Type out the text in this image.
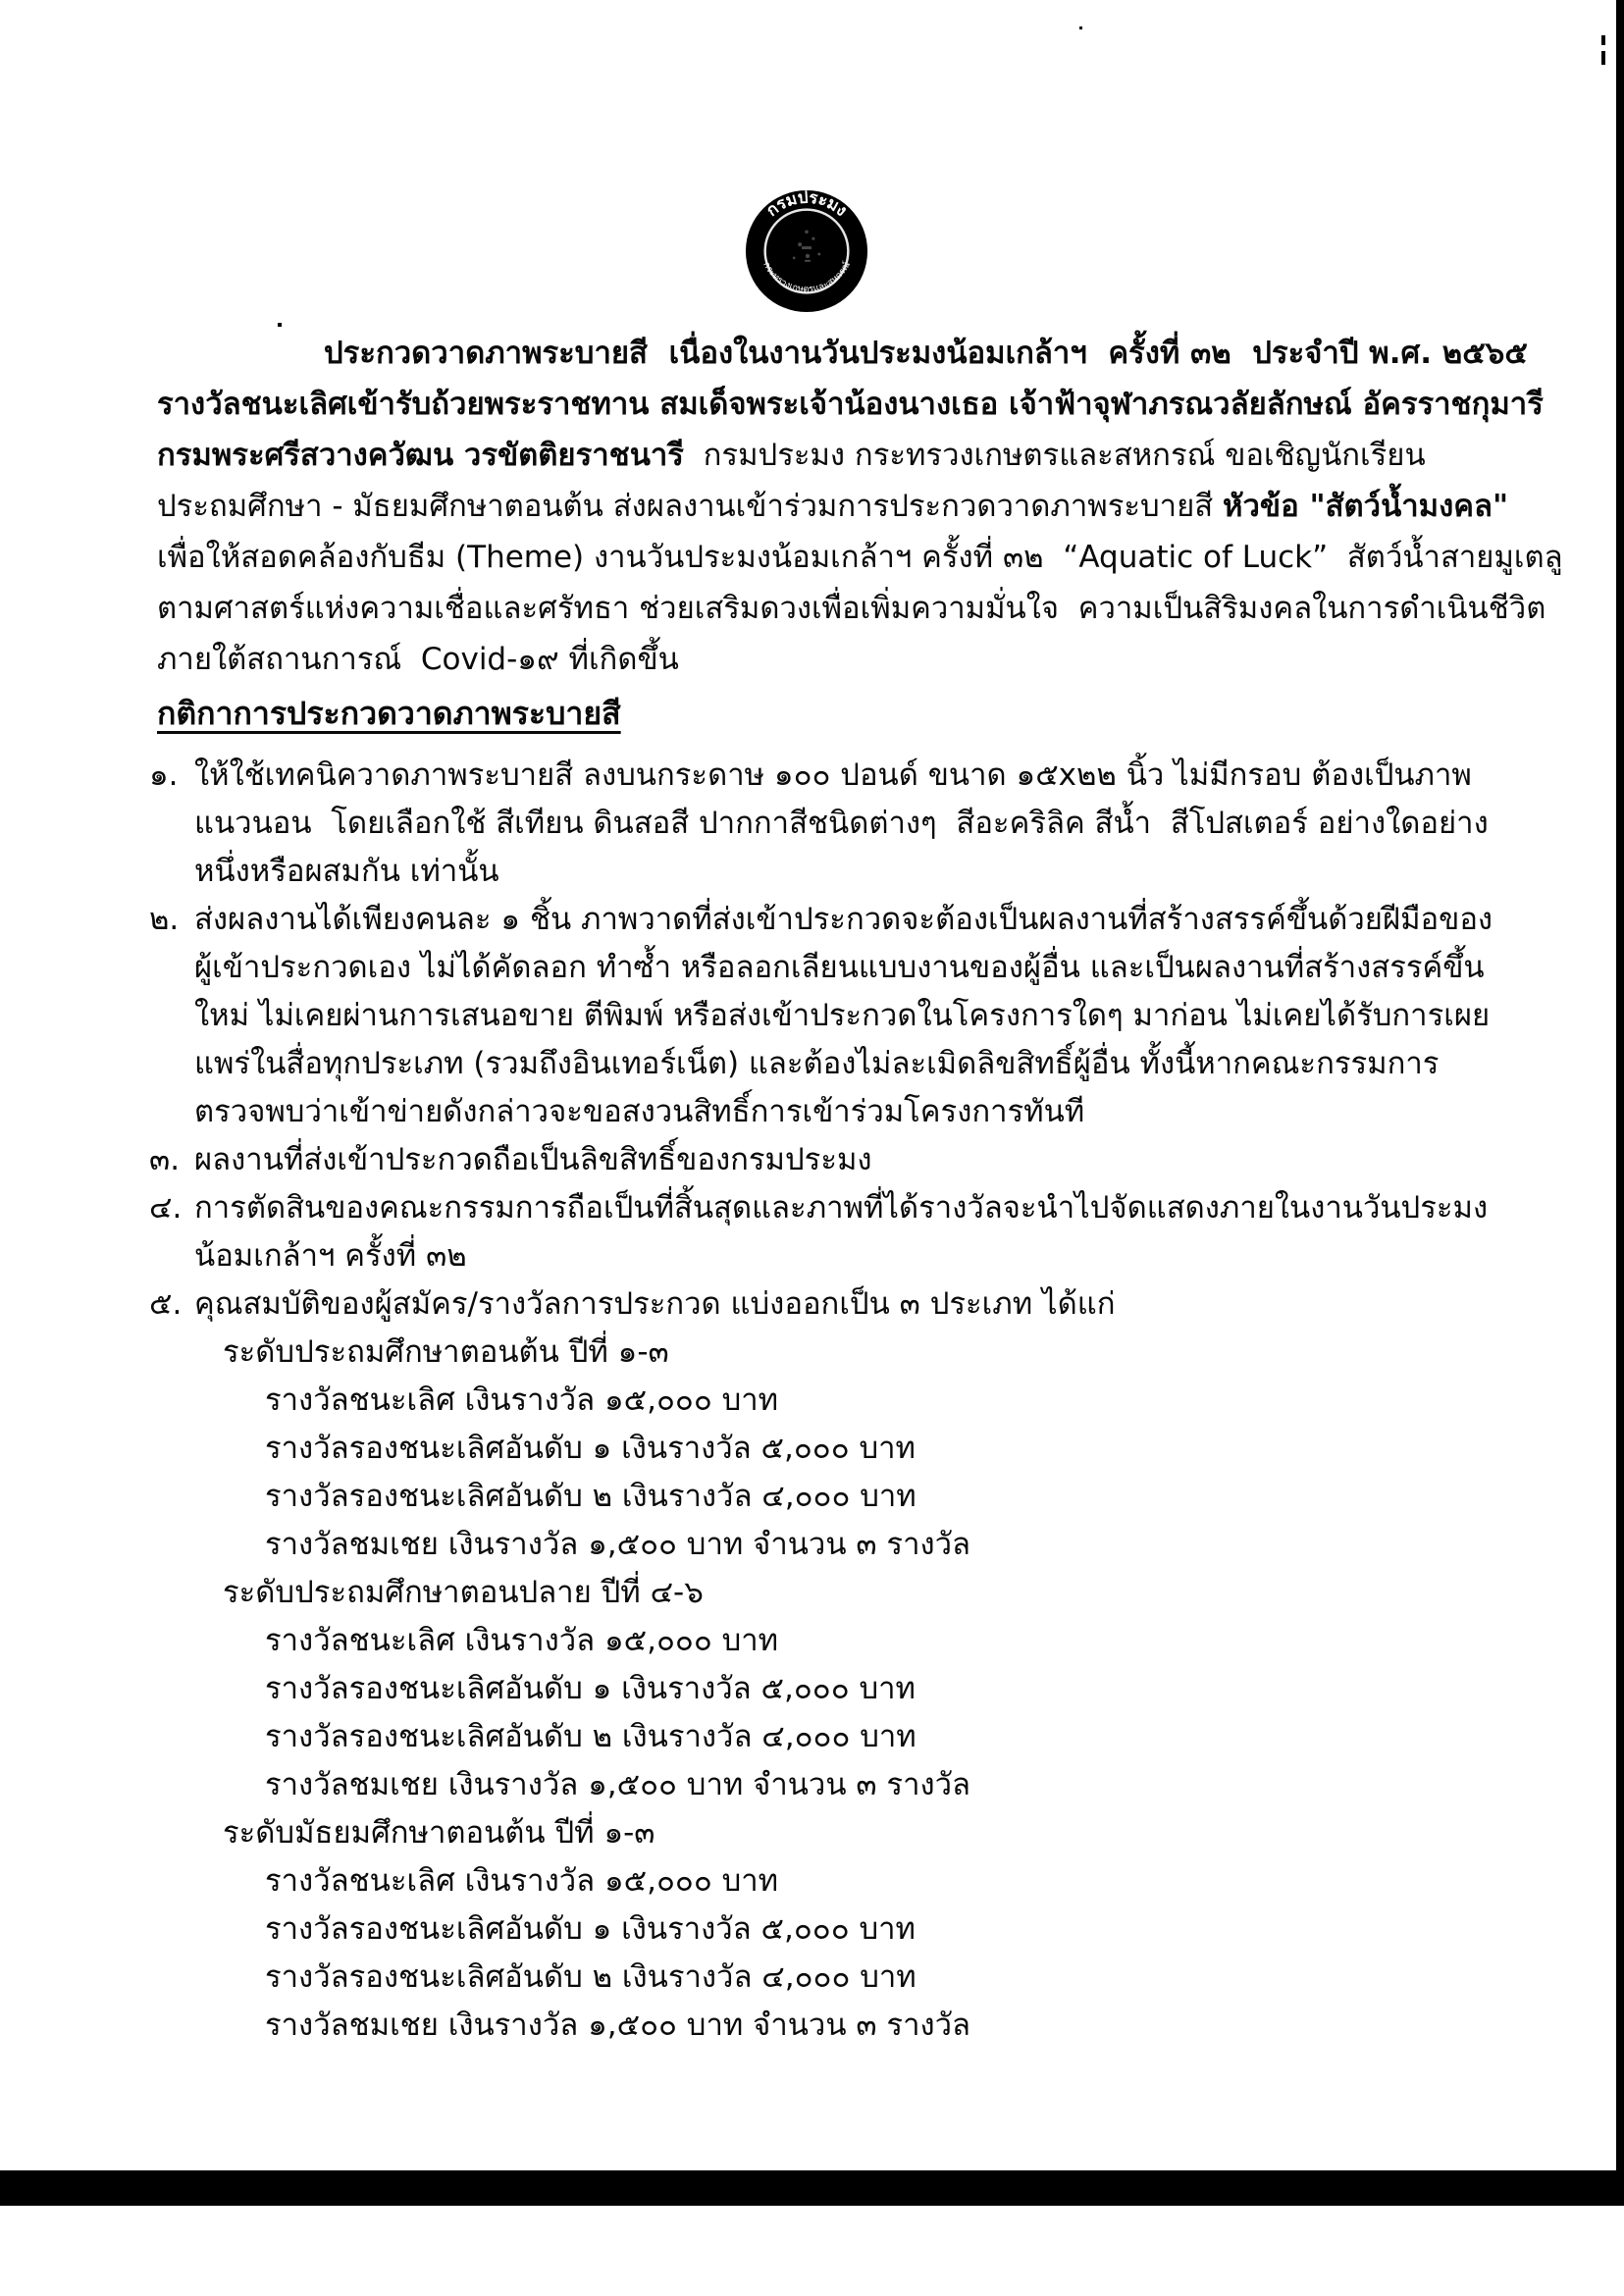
กรมประมง
กระทรวงเกษตรและสหกรณ์
ประกวดวาดภาพระบายสี  เนื่องในงานวันประมงน้อมเกล้าฯ  ครั้งที่ ๓๒  ประจำปี พ.ศ. ๒๕๖๕
รางวัลชนะเลิศเข้ารับถ้วยพระราชทาน สมเด็จพระเจ้าน้องนางเธอ เจ้าฟ้าจุฬาภรณวลัยลักษณ์ อัครราชกุมารี
กรมพระศรีสวางควัฒน วรขัตติยราชนารี  กรมประมง กระทรวงเกษตรและสหกรณ์ ขอเชิญนักเรียน
ประถมศึกษา - มัธยมศึกษาตอนต้น ส่งผลงานเข้าร่วมการประกวดวาดภาพระบายสี หัวข้อ "สัตว์น้ำมงคล"
เพื่อให้สอดคล้องกับธีม (Theme) งานวันประมงน้อมเกล้าฯ ครั้งที่ ๓๒  “Aquatic of Luck”  สัตว์น้ำสายมูเตลู
ตามศาสตร์แห่งความเชื่อและศรัทธา ช่วยเสริมดวงเพื่อเพิ่มความมั่นใจ  ความเป็นสิริมงคลในการดำเนินชีวิต
ภายใต้สถานการณ์  Covid-๑๙ ที่เกิดขึ้น
กติกาการประกวดวาดภาพระบายสี
๑. ให้ใช้เทคนิควาดภาพระบายสี ลงบนกระดาษ ๑๐๐ ปอนด์ ขนาด ๑๕x๒๒ นิ้ว ไม่มีกรอบ ต้องเป็นภาพ
แนวนอน  โดยเลือกใช้ สีเทียน ดินสอสี ปากกาสีชนิดต่างๆ  สีอะคริลิค สีน้ำ  สีโปสเตอร์ อย่างใดอย่าง
หนึ่งหรือผสมกัน เท่านั้น
๒. ส่งผลงานได้เพียงคนละ ๑ ชิ้น ภาพวาดที่ส่งเข้าประกวดจะต้องเป็นผลงานที่สร้างสรรค์ขึ้นด้วยฝีมือของ
ผู้เข้าประกวดเอง ไม่ได้คัดลอก ทำซ้ำ หรือลอกเลียนแบบงานของผู้อื่น และเป็นผลงานที่สร้างสรรค์ขึ้น
ใหม่ ไม่เคยผ่านการเสนอขาย ตีพิมพ์ หรือส่งเข้าประกวดในโครงการใดๆ มาก่อน ไม่เคยได้รับการเผย
แพร่ในสื่อทุกประเภท (รวมถึงอินเทอร์เน็ต) และต้องไม่ละเมิดลิขสิทธิ์ผู้อื่น ทั้งนี้หากคณะกรรมการ
ตรวจพบว่าเข้าข่ายดังกล่าวจะขอสงวนสิทธิ์การเข้าร่วมโครงการทันที
๓. ผลงานที่ส่งเข้าประกวดถือเป็นลิขสิทธิ์ของกรมประมง
๔. การตัดสินของคณะกรรมการถือเป็นที่สิ้นสุดและภาพที่ได้รางวัลจะนำไปจัดแสดงภายในงานวันประมง
น้อมเกล้าฯ ครั้งที่ ๓๒
๕. คุณสมบัติของผู้สมัคร/รางวัลการประกวด แบ่งออกเป็น ๓ ประเภท ได้แก่
ระดับประถมศึกษาตอนต้น ปีที่ ๑-๓
รางวัลชนะเลิศ เงินรางวัล ๑๕,๐๐๐ บาท
รางวัลรองชนะเลิศอันดับ ๑ เงินรางวัล ๕,๐๐๐ บาท
รางวัลรองชนะเลิศอันดับ ๒ เงินรางวัล ๔,๐๐๐ บาท
รางวัลชมเชย เงินรางวัล ๑,๕๐๐ บาท จำนวน ๓ รางวัล
ระดับประถมศึกษาตอนปลาย ปีที่ ๔-๖
รางวัลชนะเลิศ เงินรางวัล ๑๕,๐๐๐ บาท
รางวัลรองชนะเลิศอันดับ ๑ เงินรางวัล ๕,๐๐๐ บาท
รางวัลรองชนะเลิศอันดับ ๒ เงินรางวัล ๔,๐๐๐ บาท
รางวัลชมเชย เงินรางวัล ๑,๕๐๐ บาท จำนวน ๓ รางวัล
ระดับมัธยมศึกษาตอนต้น ปีที่ ๑-๓
รางวัลชนะเลิศ เงินรางวัล ๑๕,๐๐๐ บาท
รางวัลรองชนะเลิศอันดับ ๑ เงินรางวัล ๕,๐๐๐ บาท
รางวัลรองชนะเลิศอันดับ ๒ เงินรางวัล ๔,๐๐๐ บาท
รางวัลชมเชย เงินรางวัล ๑,๕๐๐ บาท จำนวน ๓ รางวัล
